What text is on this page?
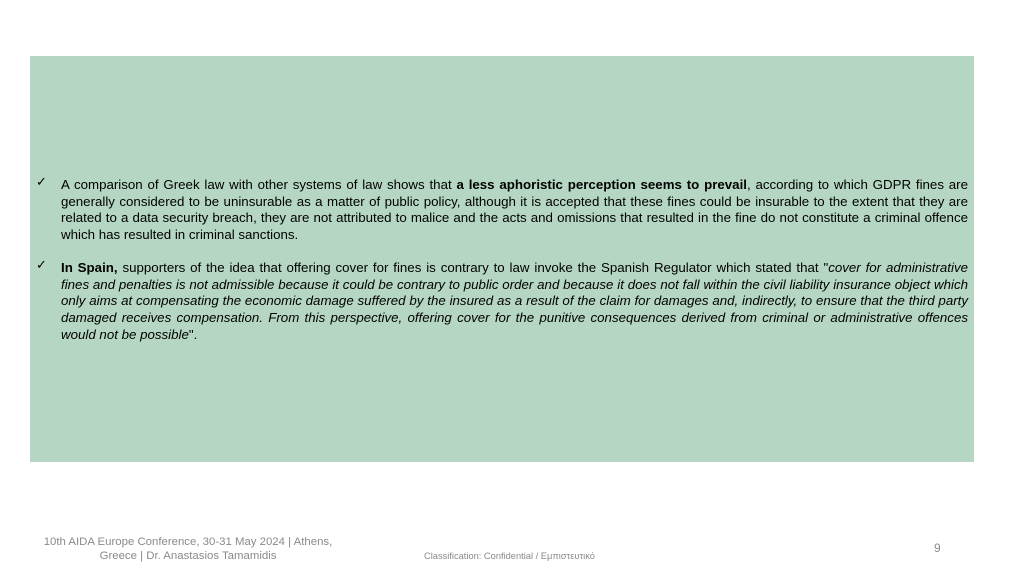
✓ A comparison of Greek law with other systems of law shows that a less aphoristic perception seems to prevail, according to which GDPR fines are generally considered to be uninsurable as a matter of public policy, although it is accepted that these fines could be insurable to the extent that they are related to a data security breach, they are not attributed to malice and the acts and omissions that resulted in the fine do not constitute a criminal offence which has resulted in criminal sanctions.
✓ In Spain, supporters of the idea that offering cover for fines is contrary to law invoke the Spanish Regulator which stated that "cover for administrative fines and penalties is not admissible because it could be contrary to public order and because it does not fall within the civil liability insurance object which only aims at compensating the economic damage suffered by the insured as a result of the claim for damages and, indirectly, to ensure that the third party damaged receives compensation. From this perspective, offering cover for the punitive consequences derived from criminal or administrative offences would not be possible".
10th AIDA Europe Conference, 30-31 May 2024 | Athens,
Greece | Dr. Anastasios Tamamidis	Classification: Confidential / Εμπιστευτικό
9
